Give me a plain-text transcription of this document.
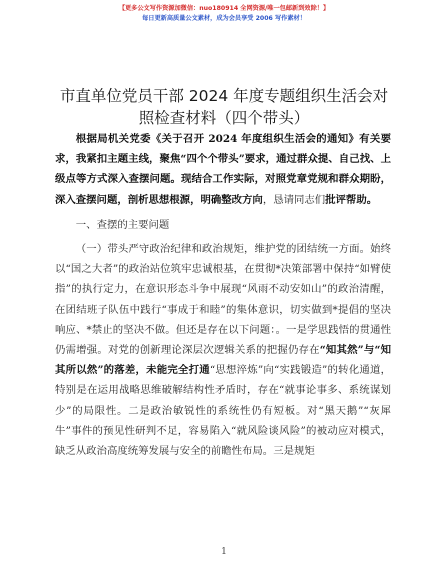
【更多公文写作资源加微信：nuo180914 全网资源/唯一包邮新到效除！】
每日更新高质量公文素材，成为会员享受 2006 写作素材！
市直单位党员干部 2024 年度专题组织生活会对
照检查材料（四个带头）

根据局机关党委《关于召开 2024 年度组织生活会的通知》有关要求，我紧扣主题主线，聚焦“四个个带头”要求，通过群众提、自己找、上级点等方式深入查摆问题。现结合工作实际，对照党章党规和群众期盼，深入查摆问题，剖析思想根源，明确整改方向，恳请同志们批评帮助。

一、查摆的主要问题

（一）带头严守政治纪律和政治规矩，维护党的团结统一方面。始终以“国之大者”的政治站位筑牢忠诚根基，在贯彻*决策部署中保持“如臂使指”的执行定力，在意识形态斗争中展现“风雨不动安如山”的政治清醒，在团结班子队伍中践行“事成于和睦”的集体意识，切实做到*提倡的坚决响应、*禁止的坚决不做。但还是存在以下问题：。一是学思践悟的贯通性仍需增强。对党的创新理论深层次逻辑关系的把握仍存在“知其然”与“知其所以然”的落差，未能完全打通“思想淬炼”向“实践锻造”的转化通道，特别是在运用战略思维破解结构性矛盾时，存在“就事论事多、系统谋划少”的局限性。二是政治敏锐性的系统性仍有短板。对“黑天鹅”“灰犀牛”事件的预见性研判不足，容易陷入“就风险谈风险”的被动应对模式，缺乏从政治高度统筹发展与安全的前瞻性布局。三是规矩

1
